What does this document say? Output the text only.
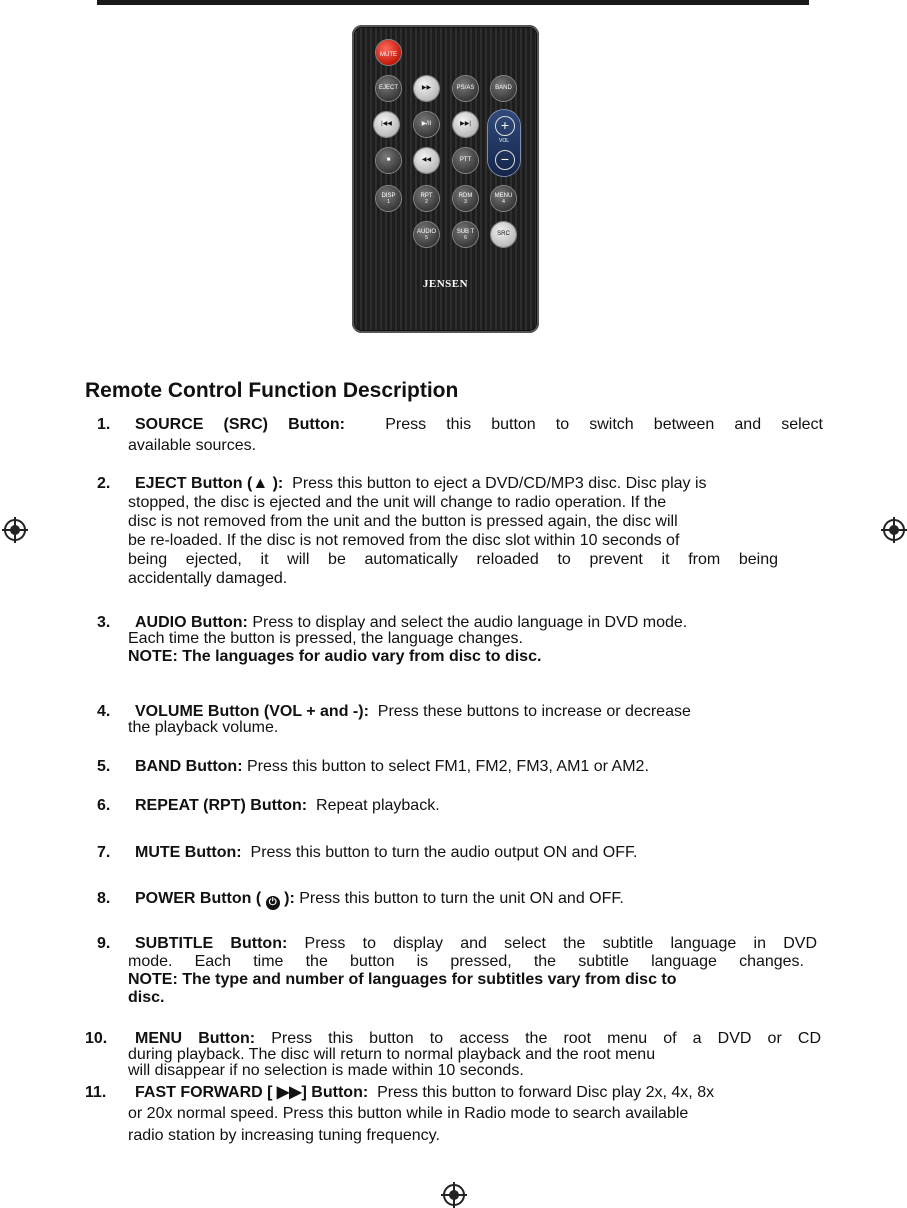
MUTE
EJECT	▶▶	PS/AS	BAND
|◀◀	▶/II	▶▶|
■	◀◀	PTT
DISP
1
RPT
2
RDM
3
MENU
4
AUDIO
5
SUB T
6
SRC
+
VOL
−
JENSEN
Remote Control Function Description
1. SOURCE (SRC) Button:	Press this button to switch between and select
available sources.
2. EJECT Button (▲ ): Press this button to eject a DVD/CD/MP3 disc. Disc play is
stopped, the disc is ejected and the unit will change to radio operation. If the
disc is not removed from the unit and the button is pressed again, the disc will
be re-loaded. If the disc is not removed from the disc slot within 10 seconds of
being ejected, it will be automatically reloaded to prevent it from being
accidentally damaged.
3. AUDIO Button: Press to display and select the audio language in DVD mode.
Each time the button is pressed, the language changes.
NOTE: The languages for audio vary from disc to disc.
4. VOLUME Button (VOL + and -): Press these buttons to increase or decrease
the playback volume.
5. BAND Button: Press this button to select FM1, FM2, FM3, AM1 or AM2.
6. REPEAT (RPT) Button: Repeat playback.
7. MUTE Button: Press this button to turn the audio output ON and OFF.
8. POWER Button ( ⏻ ): Press this button to turn the unit ON and OFF.
9. SUBTITLE Button: Press to display and select the subtitle language in DVD
mode. Each time the button is pressed, the subtitle language changes.
NOTE: The type and number of languages for subtitles vary from disc to
disc.
10. MENU Button: Press this button to access the root menu of a DVD or CD
during playback. The disc will return to normal playback and the root menu
will disappear if no selection is made within 10 seconds.
11. FAST FORWARD [ ▶▶] Button: Press this button to forward Disc play 2x, 4x, 8x
or 20x normal speed. Press this button while in Radio mode to search available
radio station by increasing tuning frequency.
